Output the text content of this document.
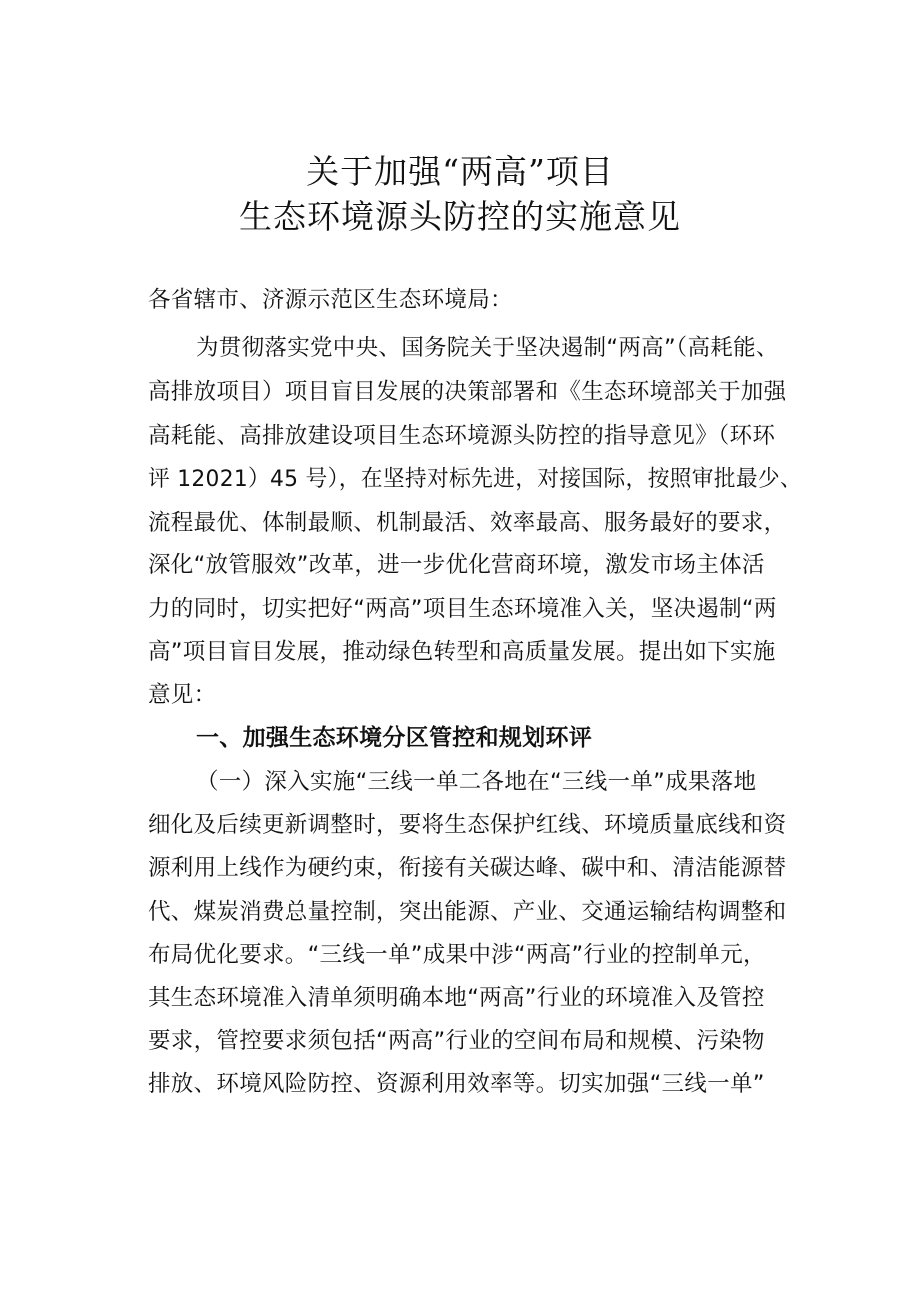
关于加强“两高”项目
生态环境源头防控的实施意见
各省辖市、济源示范区生态环境局：
为贯彻落实党中央、国务院关于坚决遏制“两高”（高耗能、
高排放项目）项目盲目发展的决策部署和《生态环境部关于加强
高耗能、高排放建设项目生态环境源头防控的指导意见》（环环
评 12021）45 号），在坚持对标先进，对接国际，按照审批最少、
流程最优、体制最顺、机制最活、效率最高、服务最好的要求，
深化“放管服效”改革，进一步优化营商环境，激发市场主体活
力的同时，切实把好“两高”项目生态环境准入关，坚决遏制“两
高”项目盲目发展，推动绿色转型和高质量发展。提出如下实施
意见：
一、加强生态环境分区管控和规划环评
（一）深入实施“三线一单二各地在“三线一单”成果落地
细化及后续更新调整时，要将生态保护红线、环境质量底线和资
源利用上线作为硬约束，衔接有关碳达峰、碳中和、清洁能源替
代、煤炭消费总量控制，突出能源、产业、交通运输结构调整和
布局优化要求。“三线一单”成果中涉“两高”行业的控制单元，
其生态环境准入清单须明确本地“两高”行业的环境准入及管控
要求，管控要求须包括“两高”行业的空间布局和规模、污染物
排放、环境风险防控、资源利用效率等。切实加强“三线一单”
